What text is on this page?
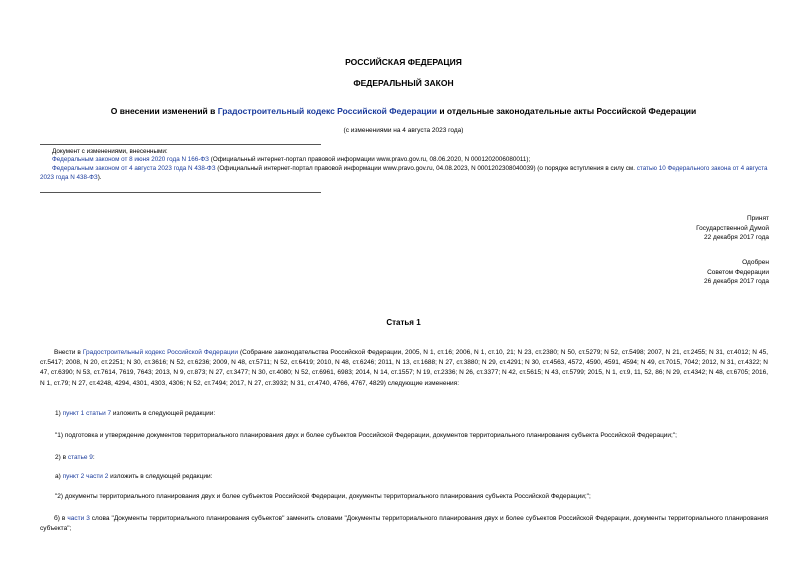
РОССИЙСКАЯ ФЕДЕРАЦИЯ
ФЕДЕРАЛЬНЫЙ ЗАКОН
О внесении изменений в Градостроительный кодекс Российской Федерации и отдельные законодательные акты Российской Федерации
(с изменениями на 4 августа 2023 года)
Документ с изменениями, внесенными:
Федеральным законом от 8 июня 2020 года N 166-ФЗ (Официальный интернет-портал правовой информации www.pravo.gov.ru, 08.06.2020, N 0001202006080011);
Федеральным законом от 4 августа 2023 года N 438-ФЗ (Официальный интернет-портал правовой информации www.pravo.gov.ru, 04.08.2023, N 0001202308040039) (о порядке вступления в силу см. статью 10 Федерального закона от 4 августа 2023 года N 438-ФЗ).
Принят
Государственной Думой
22 декабря 2017 года
Одобрен
Советом Федерации
26 декабря 2017 года
Статья 1
Внести в Градостроительный кодекс Российской Федерации (Собрание законодательства Российской Федерации, 2005, N 1, ст.16; 2006, N 1, ст.10, 21; N 23, ст.2380; N 50, ст.5279; N 52, ст.5498; 2007, N 21, ст.2455; N 31, ст.4012; N 45, ст.5417; 2008, N 20, ст.2251; N 30, ст.3616; N 52, ст.6236; 2009, N 48, ст.5711; N 52, ст.6419; 2010, N 48, ст.6246; 2011, N 13, ст.1688; N 27, ст.3880; N 29, ст.4291; N 30, ст.4563, 4572, 4590, 4591, 4594; N 49, ст.7015, 7042; 2012, N 31, ст.4322; N 47, ст.6390; N 53, ст.7614, 7619, 7643; 2013, N 9, ст.873; N 27, ст.3477; N 30, ст.4080; N 52, ст.6961, 6983; 2014, N 14, ст.1557; N 19, ст.2336; N 26, ст.3377; N 42, ст.5615; N 43, ст.5799; 2015, N 1, ст.9, 11, 52, 86; N 29, ст.4342; N 48, ст.6705; 2016, N 1, ст.79; N 27, ст.4248, 4294, 4301, 4303, 4306; N 52, ст.7494; 2017, N 27, ст.3932; N 31, ст.4740, 4766, 4767, 4829) следующие изменения:
1) пункт 1 статьи 7 изложить в следующей редакции:
"1) подготовка и утверждение документов территориального планирования двух и более субъектов Российской Федерации, документов территориального планирования субъекта Российской Федерации;";
2) в статье 9:
а) пункт 2 части 2 изложить в следующей редакции:
"2) документы территориального планирования двух и более субъектов Российской Федерации, документы территориального планирования субъекта Российской Федерации;";
б) в части 3 слова "Документы территориального планирования субъектов" заменить словами "Документы территориального планирования двух и более субъектов Российской Федерации, документы территориального планирования субъекта";
